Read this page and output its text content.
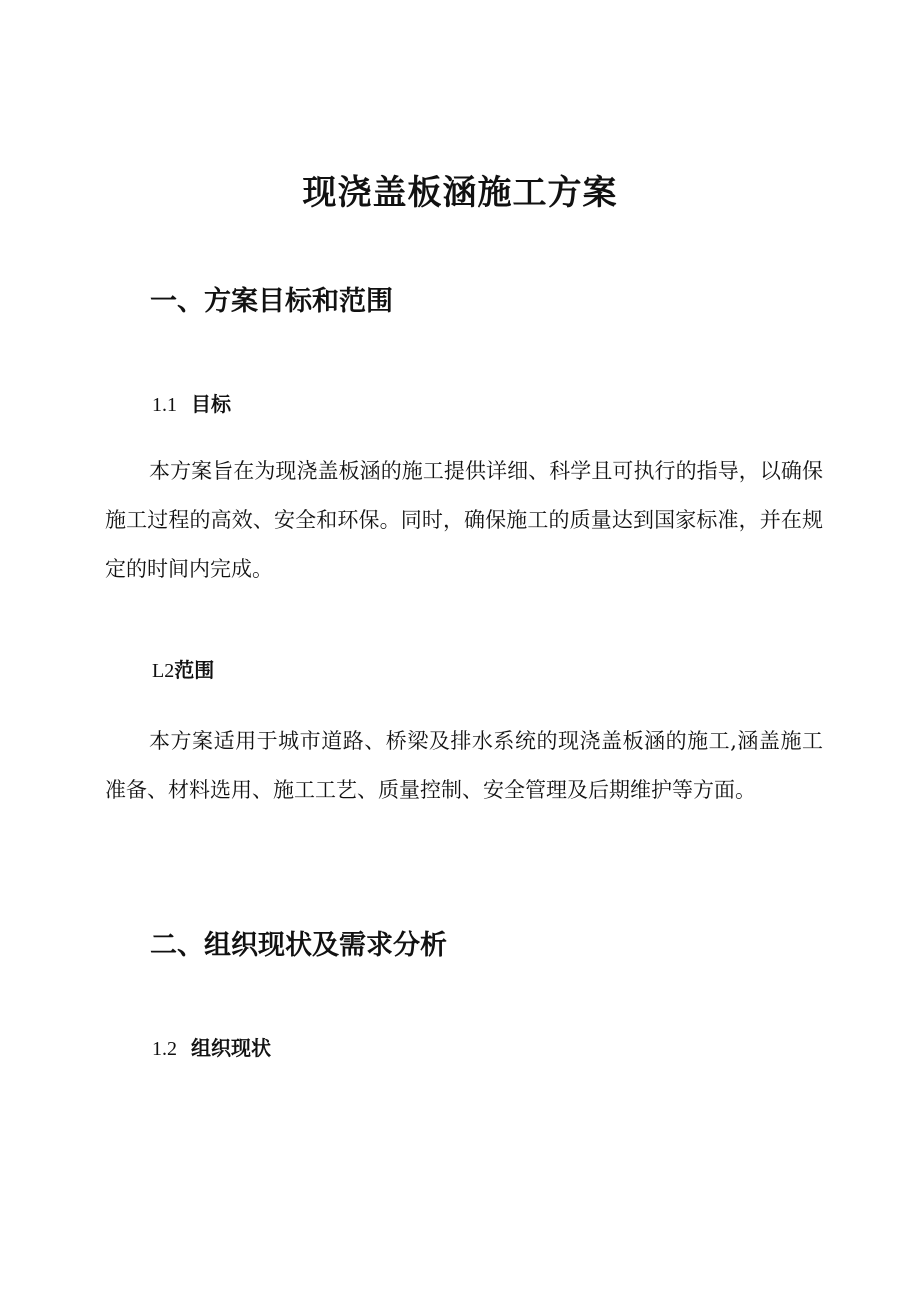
现浇盖板涵施工方案
一、方案目标和范围
1.1 目标

本方案旨在为现浇盖板涵的施工提供详细、科学且可执行的指导，以确保施工过程的高效、安全和环保。同时，确保施工的质量达到国家标准，并在规定的时间内完成。

L2范围

本方案适用于城市道路、桥梁及排水系统的现浇盖板涵的施工,涵盖施工准备、材料选用、施工工艺、质量控制、安全管理及后期维护等方面。

二、组织现状及需求分析
1.2 组织现状
